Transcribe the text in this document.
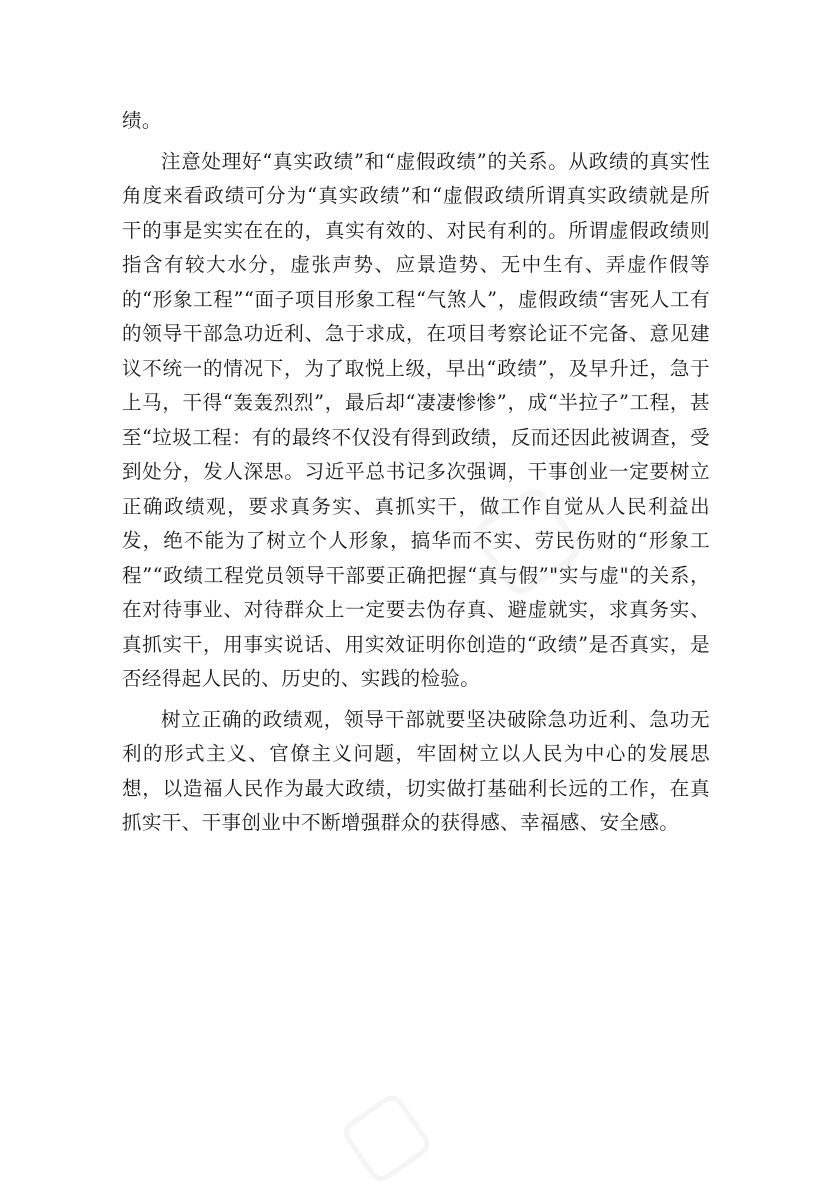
▢
▢

绩。

注意处理好“真实政绩”和“虚假政绩”的关系。从政绩的真实性角度来看政绩可分为“真实政绩”和“虚假政绩所谓真实政绩就是所干的事是实实在在的，真实有效的、对民有利的。所谓虚假政绩则指含有较大水分，虚张声势、应景造势、无中生有、弄虚作假等的“形象工程”“面子项目形象工程“气煞人”，虚假政绩“害死人工有的领导干部急功近利、急于求成，在项目考察论证不完备、意见建议不统一的情况下，为了取悦上级，早出“政绩”，及早升迁，急于上马，干得“轰轰烈烈”，最后却“凄凄惨惨”，成“半拉子”工程，甚至“垃圾工程：有的最终不仅没有得到政绩，反而还因此被调查，受到处分，发人深思。习近平总书记多次强调，干事创业一定要树立正确政绩观，要求真务实、真抓实干，做工作自觉从人民利益出发，绝不能为了树立个人形象，搞华而不实、劳民伤财的“形象工程”“政绩工程党员领导干部要正确把握“真与假”"实与虚"的关系，在对待事业、对待群众上一定要去伪存真、避虚就实，求真务实、真抓实干，用事实说话、用实效证明你创造的“政绩”是否真实，是否经得起人民的、历史的、实践的检验。

树立正确的政绩观，领导干部就要坚决破除急功近利、急功无利的形式主义、官僚主义问题，牢固树立以人民为中心的发展思想，以造福人民作为最大政绩，切实做打基础利长远的工作，在真抓实干、干事创业中不断增强群众的获得感、幸福感、安全感。
